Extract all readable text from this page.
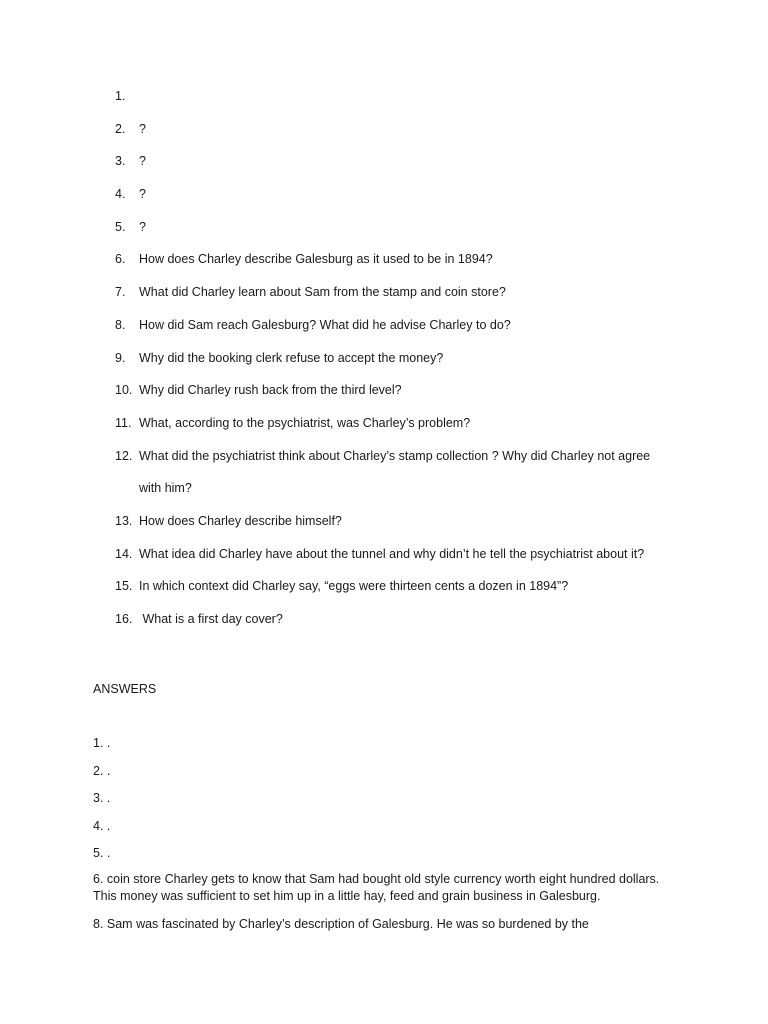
1.
2. ?
3. ?
4. ?
5. ?
6. How does Charley describe Galesburg as it used to be in 1894?
7. What did Charley learn about Sam from the stamp and coin store?
8. How did Sam reach Galesburg? What did he advise Charley to do?
9. Why did the booking clerk refuse to accept the money?
10. Why did Charley rush back from the third level?
11. What, according to the psychiatrist, was Charley’s problem?
12. What did the psychiatrist think about Charley’s stamp collection ? Why did Charley not agree
with him?
13. How does Charley describe himself?
14. What idea did Charley have about the tunnel and why didn’t he tell the psychiatrist about it?
15. In which context did Charley say, “eggs were thirteen cents a dozen in 1894”?
16. What is a first day cover?
ANSWERS
1. .
2. .
3. .
4. .
5. .

6. coin store Charley gets to know that Sam had bought old style currency worth eight hundred dollars. This money was sufficient to set him up in a little hay, feed and grain business in Galesburg.

8. Sam was fascinated by Charley’s description of Galesburg. He was so burdened by the
